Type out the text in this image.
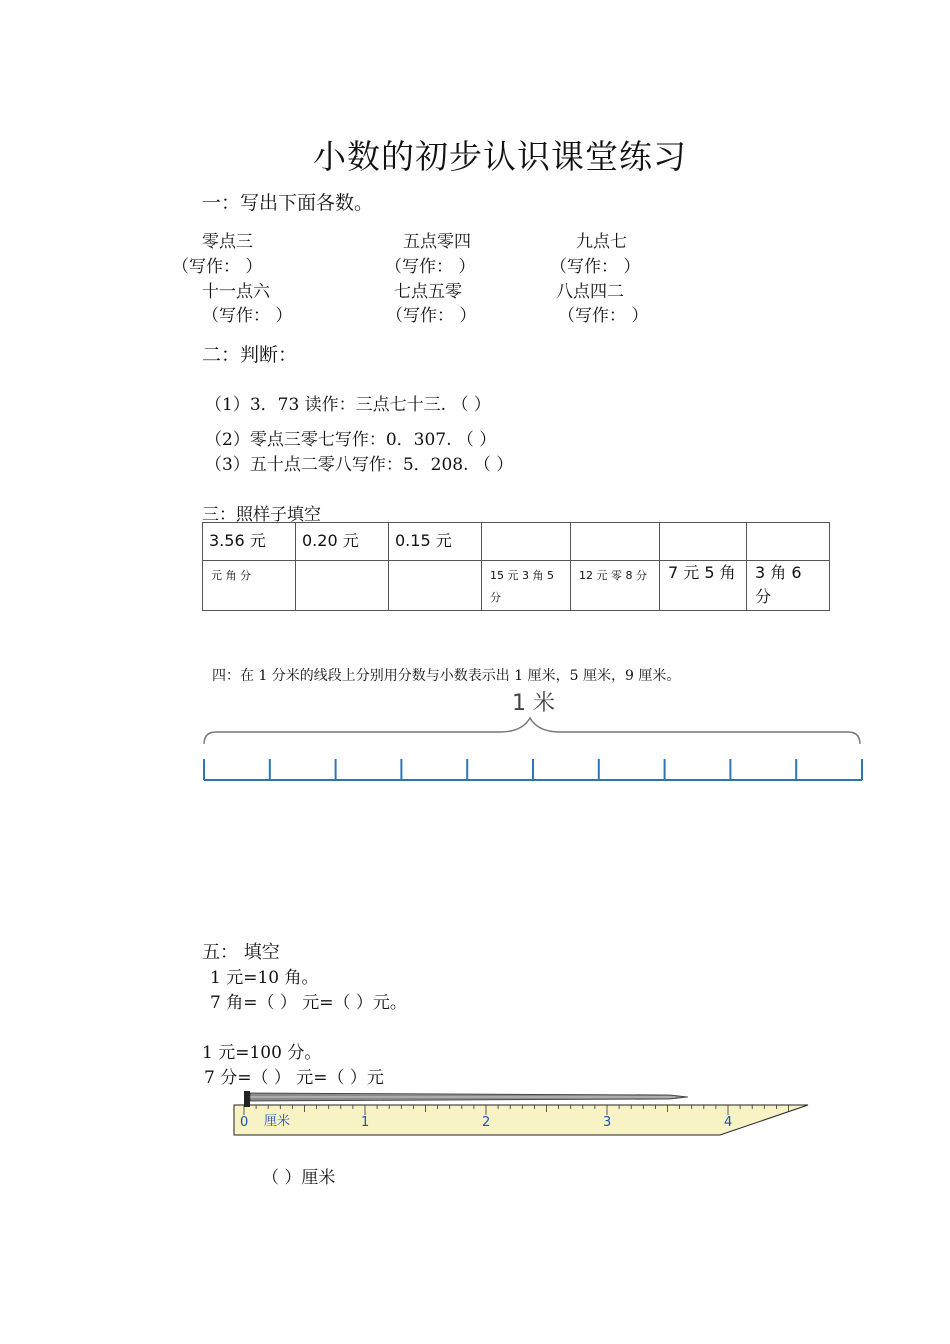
小数的初步认识课堂练习
一：写出下面各数。
零点三	五点零四	九点七
（写作： ）	（写作： ）	（写作： ）
十一点六	七点五零	八点四二
（写作： ）	（写作： ）	（写作： ）
二：判断：
（1）3．73 读作：三点七十三. （ ）
（2）零点三零七写作：0．307. （ ）
（3）五十点二零八写作：5．208. （ ）
三：照样子填空
3.56 元	0.20 元	0.15 元				

元 角 分			15 元 3 角 5 分	12 元 零 8 分	7 元 5 角	3 角 6 分
四：在 1 分米的线段上分别用分数与小数表示出 1 厘米，5 厘米，9 厘米。
1 米
五： 填空
1 元=10 角。
7 角=（ ） 元=（ ）元。
1 元=100 分。
7 分=（ ） 元=（ ）元
0	1	2	3	4
厘米
（ ）厘米
